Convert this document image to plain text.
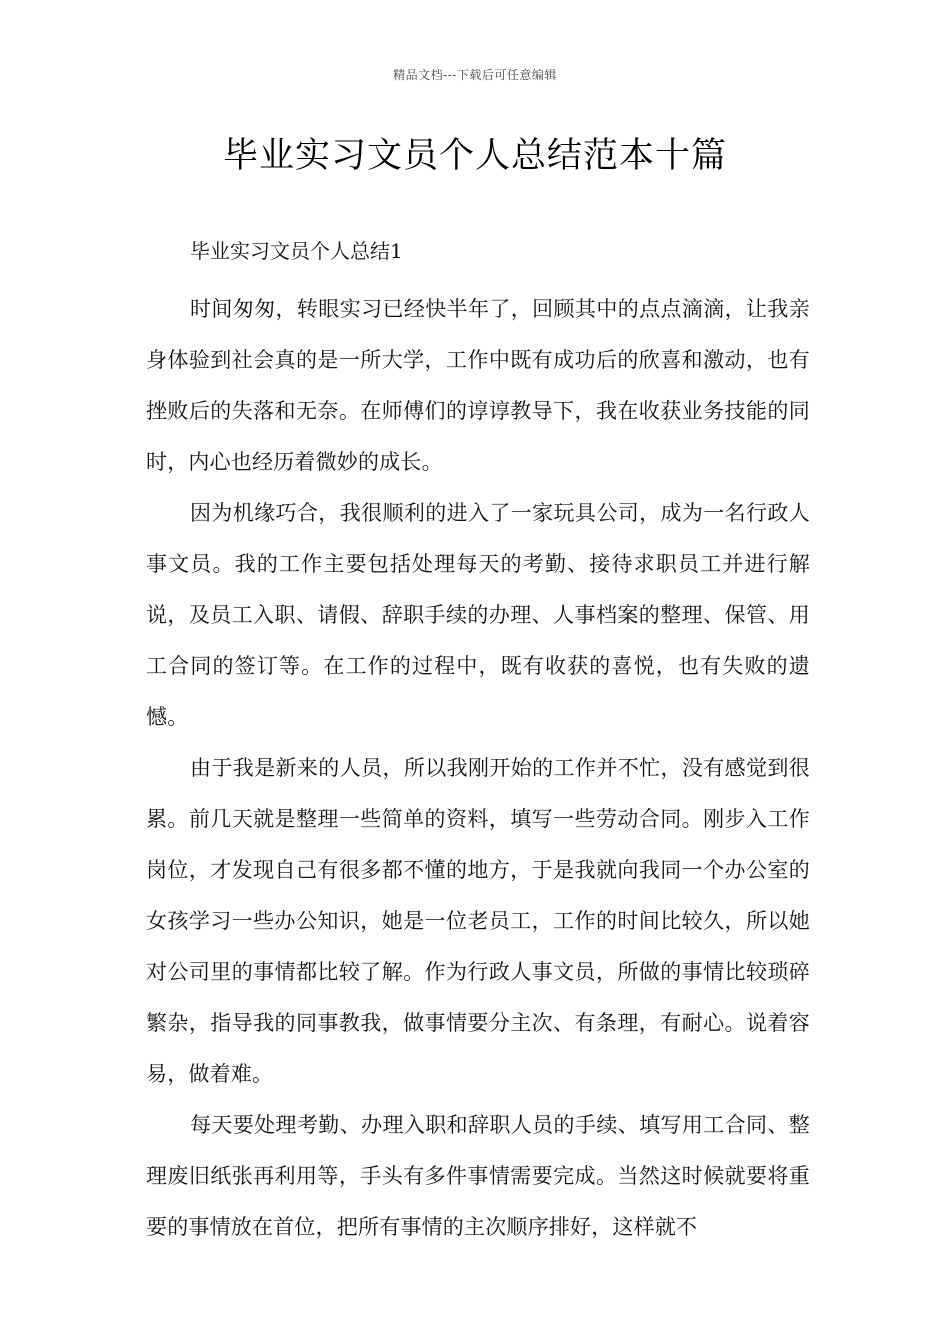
精品文档---下载后可任意编辑
毕业实习文员个人总结范本十篇

毕业实习文员个人总结1

时间匆匆，转眼实习已经快半年了，回顾其中的点点滴滴，让我亲身体验到社会真的是一所大学，工作中既有成功后的欣喜和激动，也有挫败后的失落和无奈。在师傅们的谆谆教导下，我在收获业务技能的同时，内心也经历着微妙的成长。

因为机缘巧合，我很顺利的进入了一家玩具公司，成为一名行政人事文员。我的工作主要包括处理每天的考勤、接待求职员工并进行解说，及员工入职、请假、辞职手续的办理、人事档案的整理、保管、用工合同的签订等。在工作的过程中，既有收获的喜悦，也有失败的遗憾。

由于我是新来的人员，所以我刚开始的工作并不忙，没有感觉到很累。前几天就是整理一些简单的资料，填写一些劳动合同。刚步入工作岗位，才发现自己有很多都不懂的地方，于是我就向我同一个办公室的女孩学习一些办公知识，她是一位老员工，工作的时间比较久，所以她对公司里的事情都比较了解。作为行政人事文员，所做的事情比较琐碎繁杂，指导我的同事教我，做事情要分主次、有条理，有耐心。说着容易，做着难。

每天要处理考勤、办理入职和辞职人员的手续、填写用工合同、整理废旧纸张再利用等，手头有多件事情需要完成。当然这时候就要将重要的事情放在首位，把所有事情的主次顺序排好，这样就不
